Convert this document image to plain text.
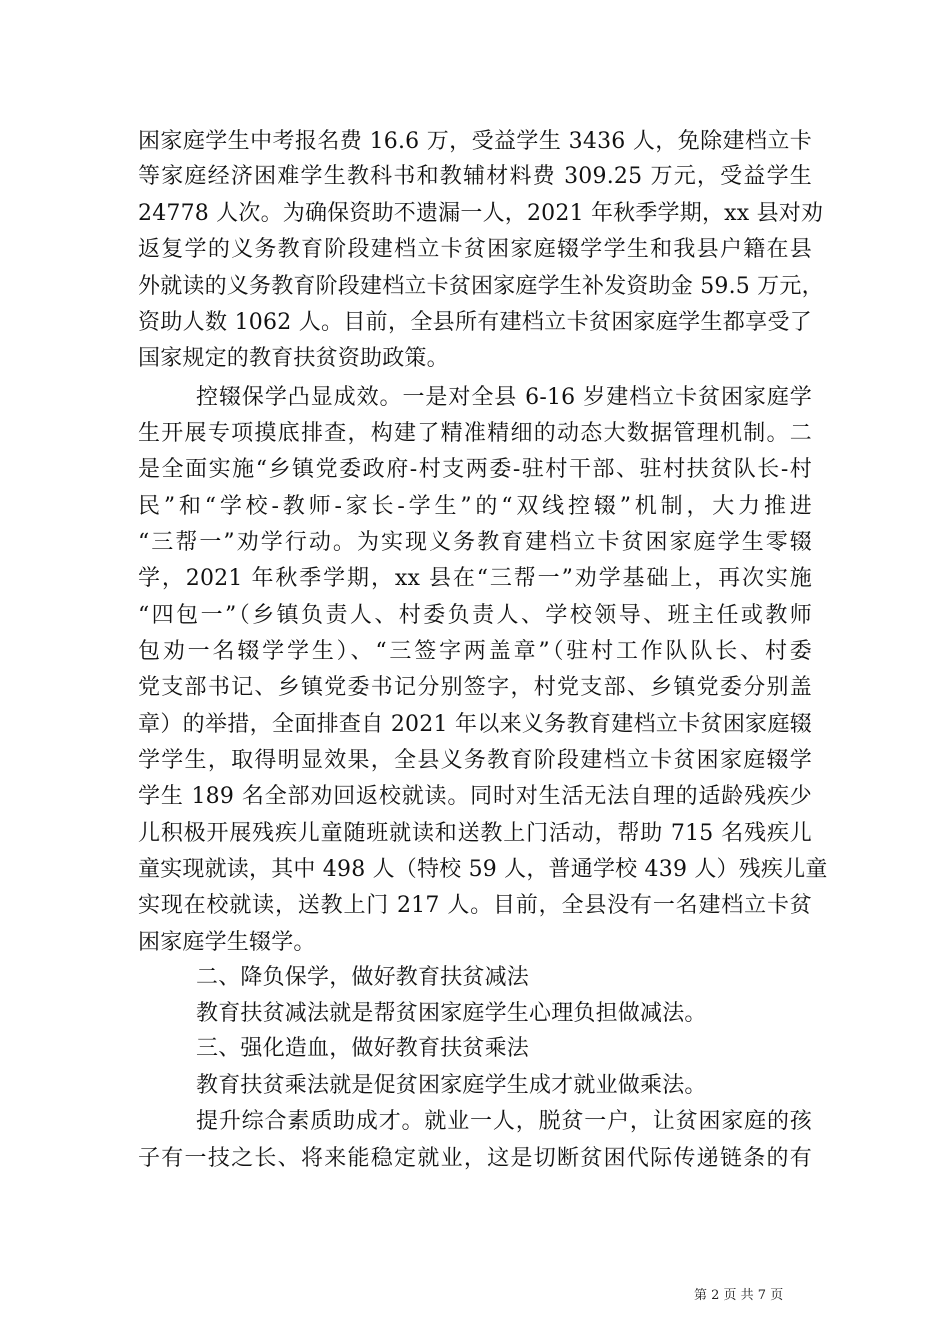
困家庭学生中考报名费 16.6 万，受益学生 3436 人，免除建档立卡
等家庭经济困难学生教科书和教辅材料费 309.25 万元，受益学生
24778 人次。为确保资助不遗漏一人，2021 年秋季学期，xx 县对劝
返复学的义务教育阶段建档立卡贫困家庭辍学学生和我县户籍在县
外就读的义务教育阶段建档立卡贫困家庭学生补发资助金 59.5 万元，
资助人数 1062 人。目前，全县所有建档立卡贫困家庭学生都享受了
国家规定的教育扶贫资助政策。
控辍保学凸显成效。一是对全县 6-16 岁建档立卡贫困家庭学
生开展专项摸底排查，构建了精准精细的动态大数据管理机制。二
是全面实施“乡镇党委政府-村支两委-驻村干部、驻村扶贫队长-村
民”和“学校-教师-家长-学生”的“双线控辍”机制，大力推进
“三帮一”劝学行动。为实现义务教育建档立卡贫困家庭学生零辍
学，2021 年秋季学期，xx 县在“三帮一”劝学基础上，再次实施
“四包一”（乡镇负责人、村委负责人、学校领导、班主任或教师
包劝一名辍学学生）、“三签字两盖章”（驻村工作队队长、村委
党支部书记、乡镇党委书记分别签字，村党支部、乡镇党委分别盖
章）的举措，全面排查自 2021 年以来义务教育建档立卡贫困家庭辍
学学生，取得明显效果，全县义务教育阶段建档立卡贫困家庭辍学
学生 189 名全部劝回返校就读。同时对生活无法自理的适龄残疾少
儿积极开展残疾儿童随班就读和送教上门活动，帮助 715 名残疾儿
童实现就读，其中 498 人（特校 59 人，普通学校 439 人）残疾儿童
实现在校就读，送教上门 217 人。目前，全县没有一名建档立卡贫
困家庭学生辍学。
二、降负保学，做好教育扶贫减法
教育扶贫减法就是帮贫困家庭学生心理负担做减法。
三、强化造血，做好教育扶贫乘法
教育扶贫乘法就是促贫困家庭学生成才就业做乘法。
提升综合素质助成才。就业一人，脱贫一户，让贫困家庭的孩
子有一技之长、将来能稳定就业，这是切断贫困代际传递链条的有
第 2 页 共 7 页
